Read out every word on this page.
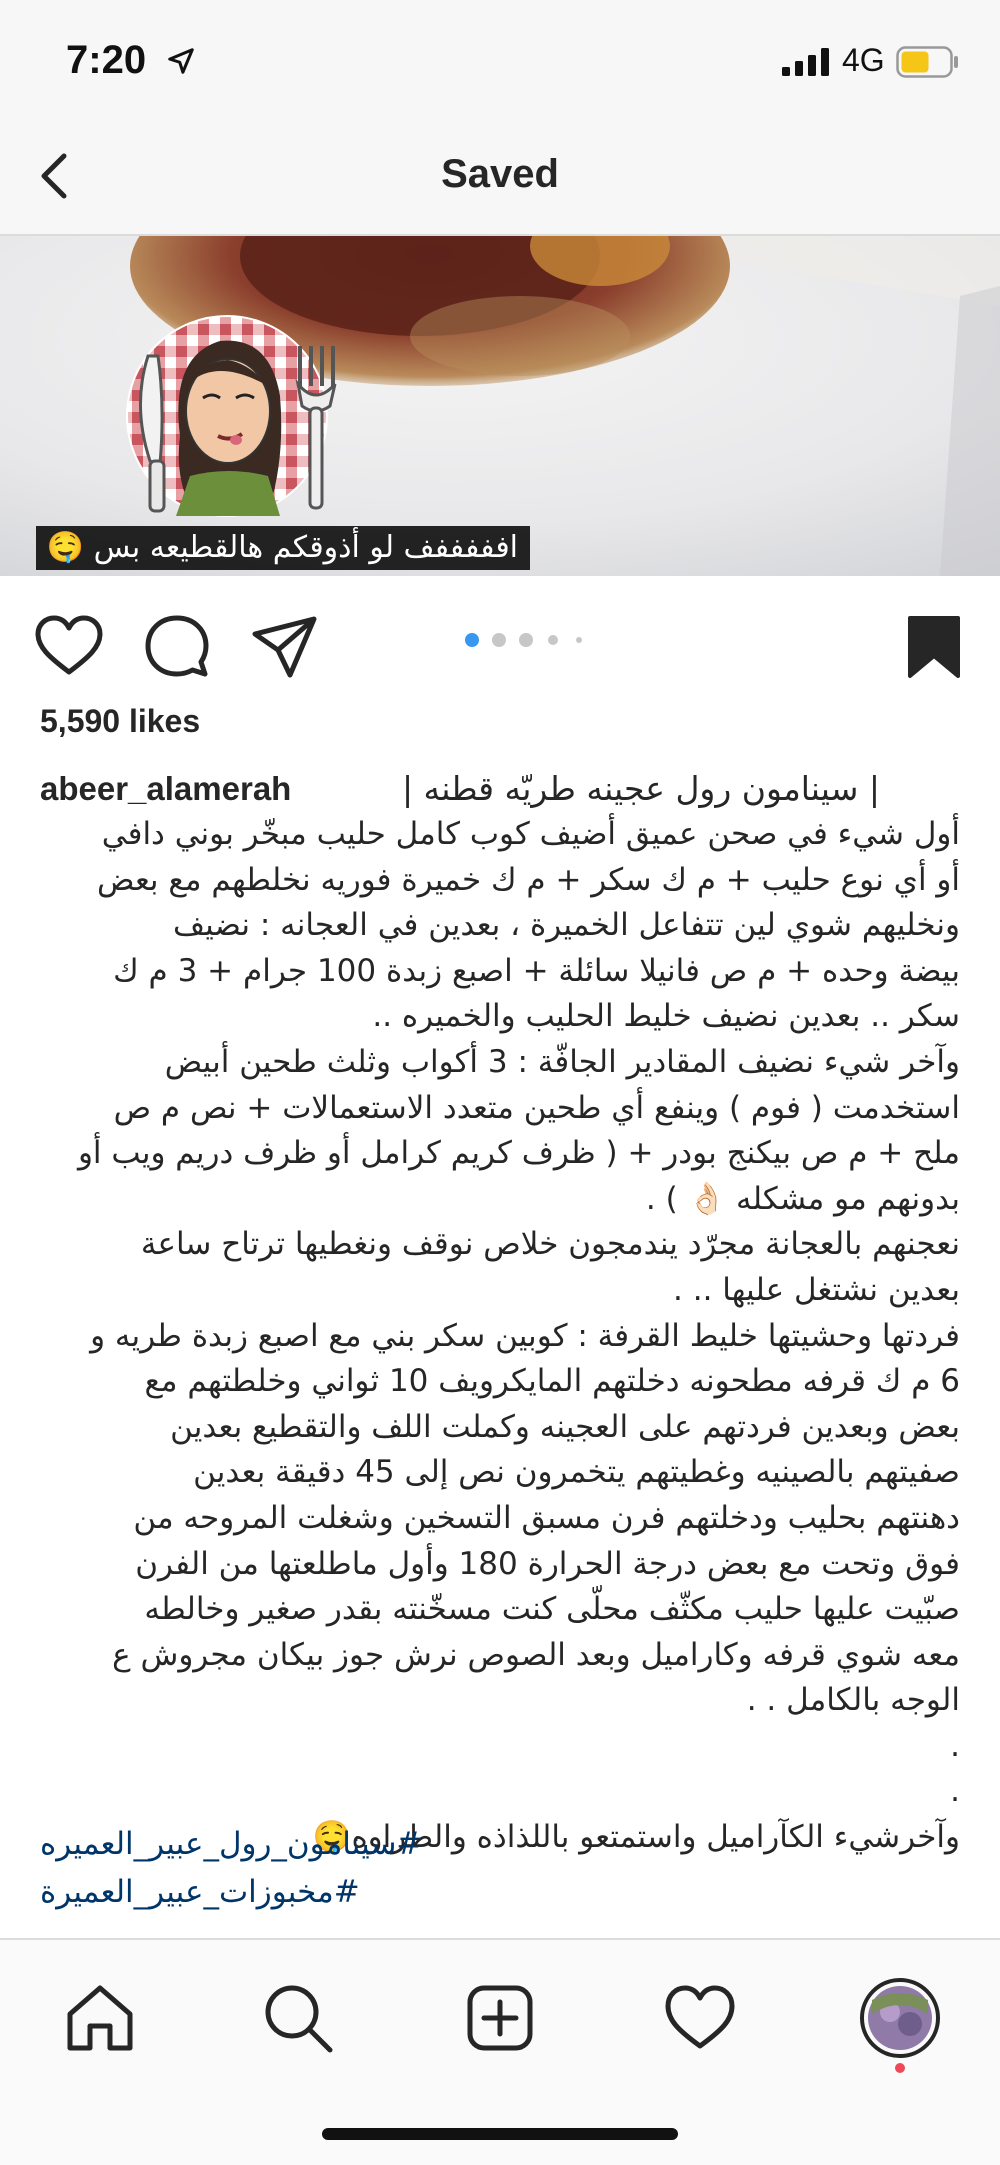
7:20	4G
Saved
افففففف لو أذوقكم هالقطيعه بس 🤤
5,590 likes
abeer_alamerah	| سينامون رول عجينه طريّه قطنه |
أول شيء في صحن عميق أضيف كوب كامل حليب مبخّر بوني دافي
أو أي نوع حليب + م ك سكر + م ك خميرة فوريه نخلطهم مع بعض
ونخليهم شوي لين تتفاعل الخميرة ، بعدين في العجانه : نضيف
بيضة وحده + م ص فانيلا سائلة + اصبع زبدة 100 جرام + 3 م ك
سكر .. بعدين نضيف خليط الحليب والخميره ..
وآخر شيء نضيف المقادير الجافّة : 3 أكواب وثلث طحين أبيض
استخدمت ( فوم ) وينفع أي طحين متعدد الاستعمالات + نص م ص
ملح + م ص بيكنج بودر + ( ظرف كريم كرامل أو ظرف دريم ويب أو
بدونهم مو مشكله 👌🏻 ) .
نعجنهم بالعجانة مجرّد يندمجون خلاص نوقف ونغطيها ترتاح ساعة
بعدين نشتغل عليها .. .
فردتها وحشيتها خليط القرفة : كوبين سكر بني مع اصبع زبدة طريه و
6 م ك قرفه مطحونه دخلتهم المايكرويف 10 ثواني وخلطتهم مع
بعض وبعدين فردتهم على العجينه وكملت اللف والتقطيع بعدين
صفيتهم بالصينيه وغطيتهم يتخمرون نص إلى 45 دقيقة بعدين
دهنتهم بحليب ودخلتهم فرن مسبق التسخين وشغلت المروحه من
فوق وتحت مع بعض درجة الحرارة 180 وأول ماطلعتها من الفرن
صبّيت عليها حليب مكثّف محلّى كنت مسخّنته بقدر صغير وخالطه
معه شوي قرفه وكاراميل وبعد الصوص نرش جوز بيكان مجروش ع
الوجه بالكامل . .
.
.
وآخرشيء الكآراميل واستمتعو باللذاذه والطراوه🤤
#سينامون_رول_عبير_العميره
#مخبوزات_عبير_العميرة
